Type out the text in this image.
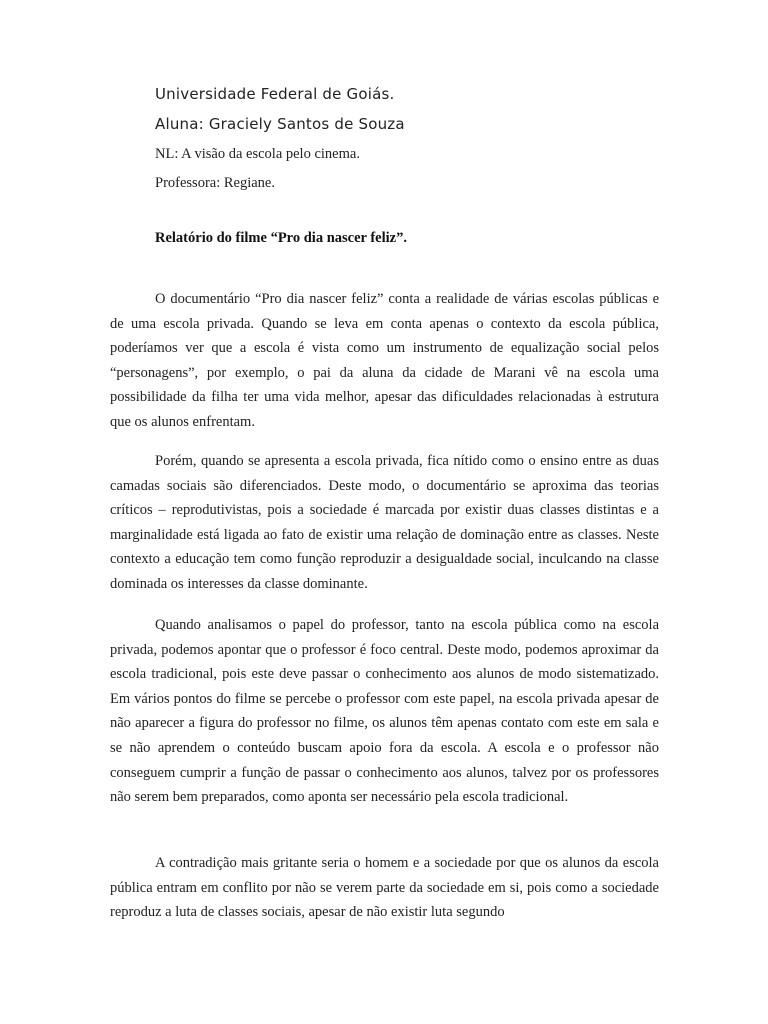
Universidade Federal de Goiás.
Aluna: Graciely Santos de Souza
NL: A visão da escola pelo cinema.
Professora: Regiane.
Relatório do filme “Pro dia nascer feliz”.

O documentário “Pro dia nascer feliz” conta a realidade de várias escolas públicas e de uma escola privada. Quando se leva em conta apenas o contexto da escola pública, poderíamos ver que a escola é vista como um instrumento de equalização social pelos “personagens”, por exemplo, o pai da aluna da cidade de Marani vê na escola uma possibilidade da filha ter uma vida melhor, apesar das dificuldades relacionadas à estrutura que os alunos enfrentam.

Porém, quando se apresenta a escola privada, fica nítido como o ensino entre as duas camadas sociais são diferenciados. Deste modo, o documentário se aproxima das teorias críticos – reprodutivistas, pois a sociedade é marcada por existir duas classes distintas e a marginalidade está ligada ao fato de existir uma relação de dominação entre as classes. Neste contexto a educação tem como função reproduzir a desigualdade social, inculcando na classe dominada os interesses da classe dominante.

Quando analisamos o papel do professor, tanto na escola pública como na escola privada, podemos apontar que o professor é foco central. Deste modo, podemos aproximar da escola tradicional, pois este deve passar o conhecimento aos alunos de modo sistematizado. Em vários pontos do filme se percebe o professor com este papel, na escola privada apesar de não aparecer a figura do professor no filme, os alunos têm apenas contato com este em sala e se não aprendem o conteúdo buscam apoio fora da escola. A escola e o professor não conseguem cumprir a função de passar o conhecimento aos alunos, talvez por os professores não serem bem preparados, como aponta ser necessário pela escola tradicional.

A contradição mais gritante seria o homem e a sociedade por que os alunos da escola pública entram em conflito por não se verem parte da sociedade em si, pois como a sociedade reproduz a luta de classes sociais, apesar de não existir luta segundo
